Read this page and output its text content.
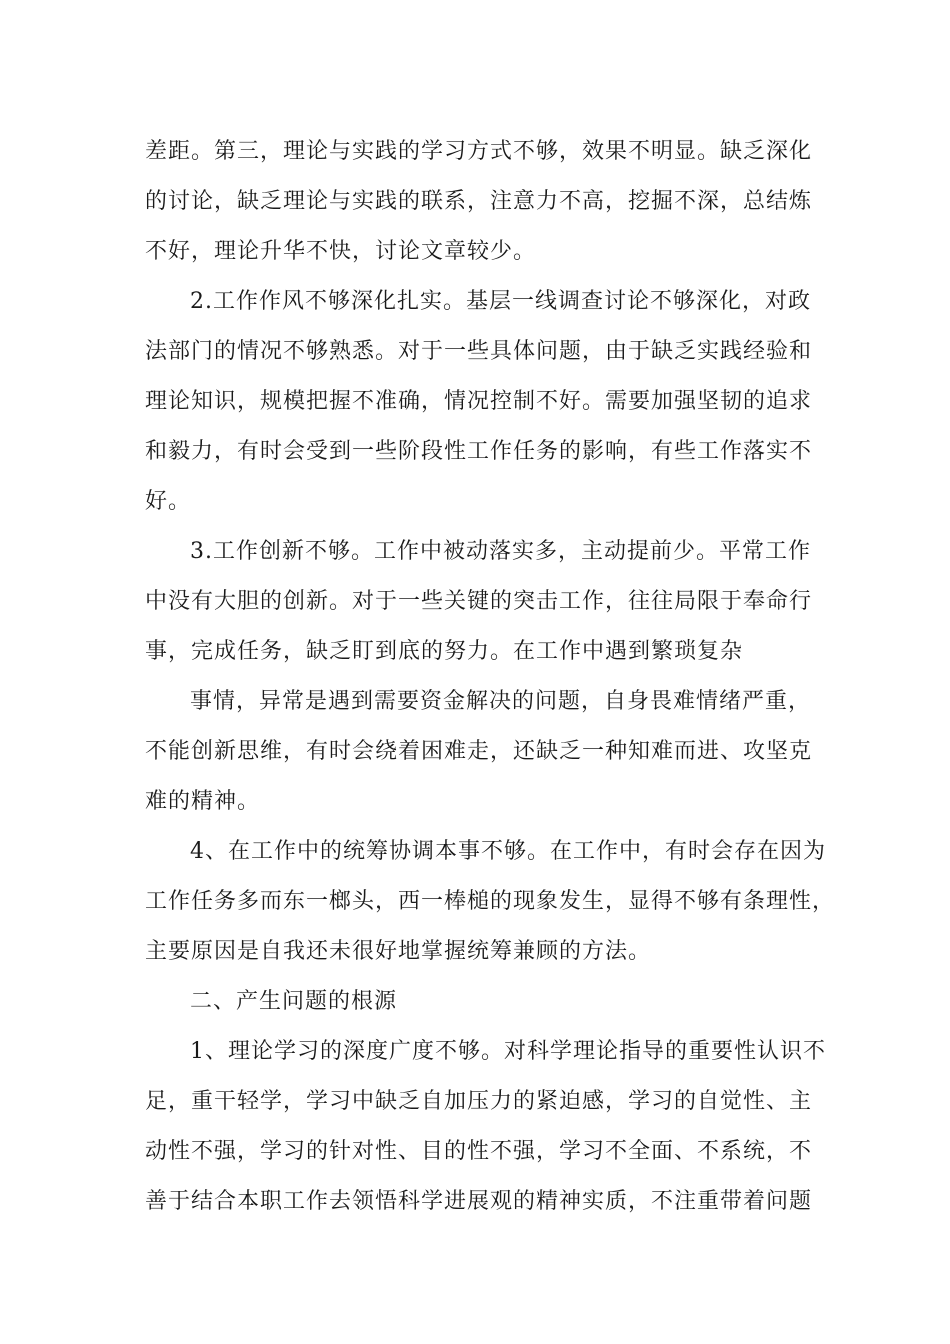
差距。第三，理论与实践的学习方式不够，效果不明显。缺乏深化
的讨论，缺乏理论与实践的联系，注意力不高，挖掘不深，总结炼
不好，理论升华不快，讨论文章较少。
2.工作作风不够深化扎实。基层一线调查讨论不够深化，对政
法部门的情况不够熟悉。对于一些具体问题，由于缺乏实践经验和
理论知识，规模把握不准确，情况控制不好。需要加强坚韧的追求
和毅力，有时会受到一些阶段性工作任务的影响，有些工作落实不
好。
3.工作创新不够。工作中被动落实多，主动提前少。平常工作
中没有大胆的创新。对于一些关键的突击工作，往往局限于奉命行
事，完成任务，缺乏盯到底的努力。在工作中遇到繁琐复杂
事情，异常是遇到需要资金解决的问题，自身畏难情绪严重，
不能创新思维，有时会绕着困难走，还缺乏一种知难而进、攻坚克
难的精神。
4、在工作中的统筹协调本事不够。在工作中，有时会存在因为
工作任务多而东一榔头，西一棒槌的现象发生，显得不够有条理性，
主要原因是自我还未很好地掌握统筹兼顾的方法。
二、产生问题的根源
1、理论学习的深度广度不够。对科学理论指导的重要性认识不
足，重干轻学，学习中缺乏自加压力的紧迫感，学习的自觉性、主
动性不强，学习的针对性、目的性不强，学习不全面、不系统，不
善于结合本职工作去领悟科学进展观的精神实质，不注重带着问题
